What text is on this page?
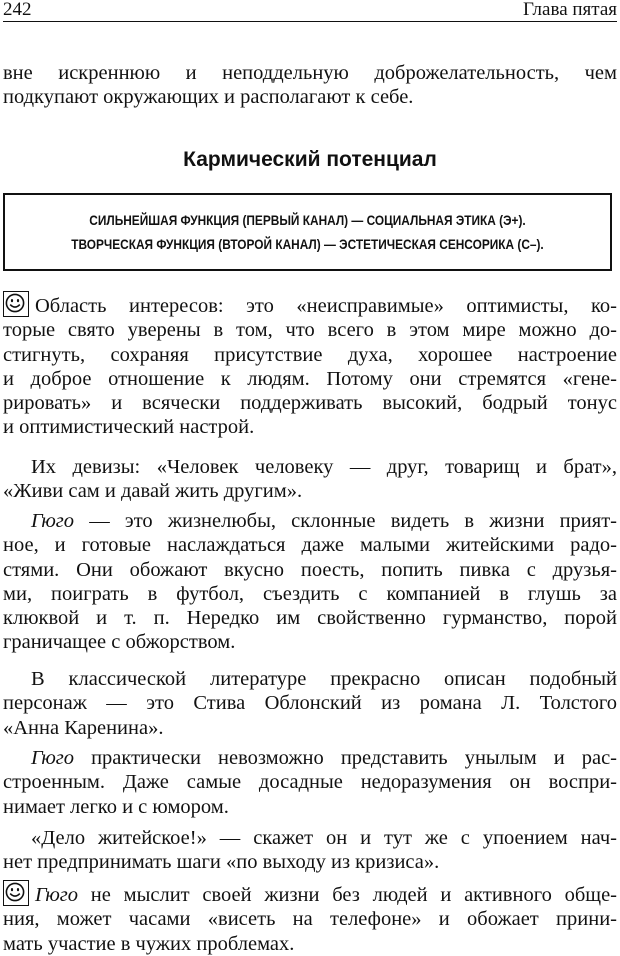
242	Глава пятая
вне искреннюю и неподдельную доброжелательность, чем
подкупают окружающих и располагают к себе.
Кармический потенциал
СИЛЬНЕЙШАЯ ФУНКЦИЯ (ПЕРВЫЙ КАНАЛ) — СОЦИАЛЬНАЯ ЭТИКА (Э+).
ТВОРЧЕСКАЯ ФУНКЦИЯ (ВТОРОЙ КАНАЛ) — ЭСТЕТИЧЕСКАЯ СЕНСОРИКА (С–).
Область интересов: это «неисправимые» оптимисты, ко-
торые свято уверены в том, что всего в этом мире можно до-
стигнуть, сохраняя присутствие духа, хорошее настроение
и доброе отношение к людям. Потому они стремятся «гене-
рировать» и всячески поддерживать высокий, бодрый тонус
и оптимистический настрой.
Их девизы: «Человек человеку — друг, товарищ и брат»,
«Живи сам и давай жить другим».
Гюго — это жизнелюбы, склонные видеть в жизни прият-
ное, и готовые наслаждаться даже малыми житейскими радо-
стями. Они обожают вкусно поесть, попить пивка с друзья-
ми, поиграть в футбол, съездить с компанией в глушь за
клюквой и т. п. Нередко им свойственно гурманство, порой
граничащее с обжорством.
В классической литературе прекрасно описан подобный
персонаж — это Стива Облонский из романа Л. Толстого
«Анна Каренина».
Гюго практически невозможно представить унылым и рас-
строенным. Даже самые досадные недоразумения он воспри-
нимает легко и с юмором.
«Дело житейское!» — скажет он и тут же с упоением нач-
нет предпринимать шаги «по выходу из кризиса».
Гюго не мыслит своей жизни без людей и активного обще-
ния, может часами «висеть на телефоне» и обожает прини-
мать участие в чужих проблемах.
